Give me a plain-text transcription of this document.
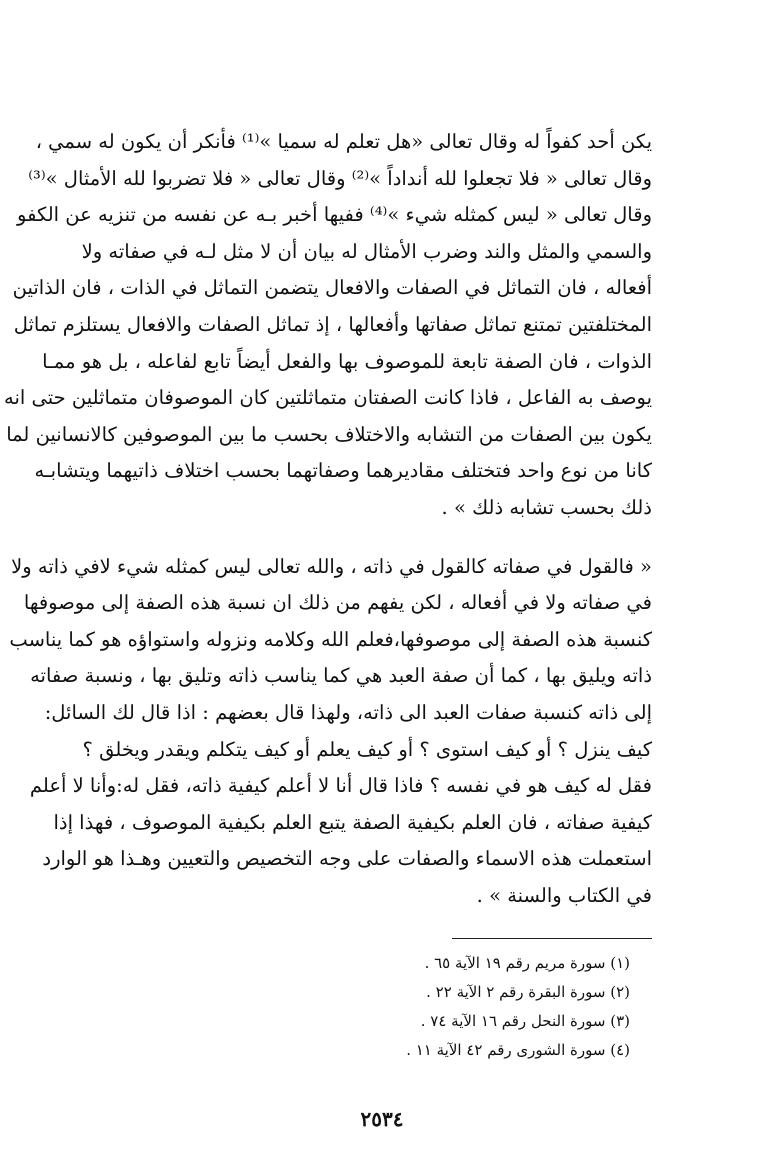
يكن أحد كفواً له وقال تعالى «هل تعلم له سميا »⁽¹⁾ فأنكر أن يكون له سمي ،
وقال تعالى « فلا تجعلوا لله أنداداً »⁽²⁾ وقال تعالى « فلا تضربوا لله الأمثال »⁽³⁾
وقال تعالى « ليس كمثله شيء »⁽⁴⁾ ففيها أخبر بـه عن نفسه من تنزيه عن الكفو
والسمي والمثل والند وضرب الأمثال له بيان أن لا مثل لـه في صفاته ولا
أفعاله ، فان التماثل في الصفات والافعال يتضمن التماثل في الذات ، فان الذاتين
المختلفتين تمتنع تماثل صفاتها وأفعالها ، إذ تماثل الصفات والافعال يستلزم تماثل
الذوات ، فان الصفة تابعة للموصوف بها والفعل أيضاً تابع لفاعله ، بل هو ممـا
يوصف به الفاعل ، فاذا كانت الصفتان متماثلتين كان الموصوفان متماثلين حتى انه
يكون بين الصفات من التشابه والاختلاف بحسب ما بين الموصوفين كالانسانين لما
كانا من نوع واحد فتختلف مقاديرهما وصفاتهما بحسب اختلاف ذاتيهما ويتشابـه
ذلك بحسب تشابه ذلك » .
« فالقول في صفاته كالقول في ذاته ، والله تعالى ليس كمثله شيء لافي ذاته ولا
في صفاته ولا في أفعاله ، لكن يفهم من ذلك ان نسبة هذه الصفة إلى موصوفها
كنسبة هذه الصفة إلى موصوفها،فعلم الله وكلامه ونزوله واستواؤه هو كما يناسب
ذاته ويليق بها ، كما أن صفة العبد هي كما يناسب ذاته وتليق بها ، ونسبة صفاته
إلى ذاته كنسبة صفات العبد الى ذاته، ولهذا قال بعضهم : اذا قال لك السائل:
كيف ينزل ؟ أو كيف استوى ؟ أو كيف يعلم أو كيف يتكلم ويقدر ويخلق ؟
فقل له كيف هو في نفسه ؟ فاذا قال أنا لا أعلم كيفية ذاته، فقل له:وأنا لا أعلم
كيفية صفاته ، فان العلم بكيفية الصفة يتبع العلم بكيفية الموصوف ، فهذا إذا
استعملت هذه الاسماء والصفات على وجه التخصيص والتعيين وهـذا هو الوارد
في الكتاب والسنة » .
(١) سورة مريم رقم ١٩ الآية ٦٥ .
(٢) سورة البقرة رقم ٢ الآية ٢٢ .
(٣) سورة النحل رقم ١٦ الآية ٧٤ .
(٤) سورة الشورى رقم ٤٢ الآية ١١ .
٢٥٣٤
